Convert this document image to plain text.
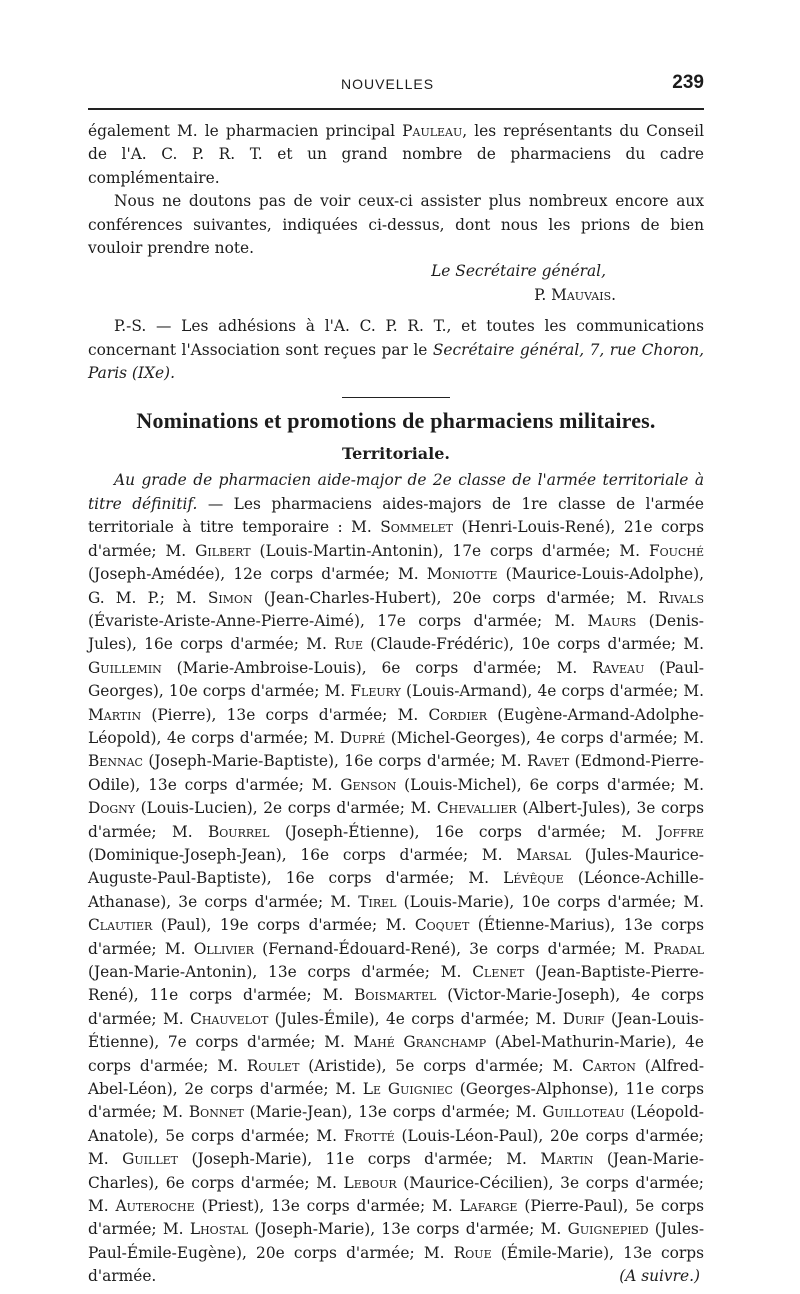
NOUVELLES	239

également M. le pharmacien principal Pauleau, les représentants du Conseil de l'A. C. P. R. T. et un grand nombre de pharmaciens du cadre complémentaire.

Nous ne doutons pas de voir ceux-ci assister plus nombreux encore aux conférences suivantes, indiquées ci-dessus, dont nous les prions de bien vouloir prendre note.

Le Secrétaire général,
P. Mauvais.

P.-S. — Les adhésions à l'A. C. P. R. T., et toutes les communications concernant l'Association sont reçues par le Secrétaire général, 7, rue Choron, Paris (IXe).

Nominations et promotions de pharmaciens militaires.
Territoriale.

Au grade de pharmacien aide-major de 2e classe de l'armée territoriale à titre définitif. — Les pharmaciens aides-majors de 1re classe de l'armée territoriale à titre temporaire : M. Sommelet (Henri-Louis-René), 21e corps d'armée; M. Gilbert (Louis-Martin-Antonin), 17e corps d'armée; M. Fouché (Joseph-Amédée), 12e corps d'armée; M. Moniotte (Maurice-Louis-Adolphe), G. M. P.; M. Simon (Jean-Charles-Hubert), 20e corps d'armée; M. Rivals (Évariste-Ariste-Anne-Pierre-Aimé), 17e corps d'armée; M. Maurs (Denis-Jules), 16e corps d'armée; M. Rue (Claude-Frédéric), 10e corps d'armée; M. Guillemin (Marie-Ambroise-Louis), 6e corps d'armée; M. Raveau (Paul-Georges), 10e corps d'armée; M. Fleury (Louis-Armand), 4e corps d'armée; M. Martin (Pierre), 13e corps d'armée; M. Cordier (Eugène-Armand-Adolphe-Léopold), 4e corps d'armée; M. Dupré (Michel-Georges), 4e corps d'armée; M. Bennac (Joseph-Marie-Baptiste), 16e corps d'armée; M. Ravet (Edmond-Pierre-Odile), 13e corps d'armée; M. Genson (Louis-Michel), 6e corps d'armée; M. Dogny (Louis-Lucien), 2e corps d'armée; M. Chevallier (Albert-Jules), 3e corps d'armée; M. Bourrel (Joseph-Étienne), 16e corps d'armée; M. Joffre (Dominique-Joseph-Jean), 16e corps d'armée; M. Marsal (Jules-Maurice-Auguste-Paul-Baptiste), 16e corps d'armée; M. Lévêque (Léonce-Achille-Athanase), 3e corps d'armée; M. Tirel (Louis-Marie), 10e corps d'armée; M. Clautier (Paul), 19e corps d'armée; M. Coquet (Étienne-Marius), 13e corps d'armée; M. Ollivier (Fernand-Édouard-René), 3e corps d'armée; M. Pradal (Jean-Marie-Antonin), 13e corps d'armée; M. Clenet (Jean-Baptiste-Pierre-René), 11e corps d'armée; M. Boismartel (Victor-Marie-Joseph), 4e corps d'armée; M. Chauvelot (Jules-Émile), 4e corps d'armée; M. Durif (Jean-Louis-Étienne), 7e corps d'armée; M. Mahé Granchamp (Abel-Mathurin-Marie), 4e corps d'armée; M. Roulet (Aristide), 5e corps d'armée; M. Carton (Alfred-Abel-Léon), 2e corps d'armée; M. Le Guigniec (Georges-Alphonse), 11e corps d'armée; M. Bonnet (Marie-Jean), 13e corps d'armée; M. Guilloteau (Léopold-Anatole), 5e corps d'armée; M. Frotté (Louis-Léon-Paul), 20e corps d'armée; M. Guillet (Joseph-Marie), 11e corps d'armée; M. Martin (Jean-Marie-Charles), 6e corps d'armée; M. Lebour (Maurice-Cécilien), 3e corps d'armée; M. Auteroche (Priest), 13e corps d'armée; M. Lafarge (Pierre-Paul), 5e corps d'armée; M. Lhostal (Joseph-Marie), 13e corps d'armée; M. Guignepied (Jules-Paul-Émile-Eugène), 20e corps d'armée; M. Roue (Émile-Marie), 13e corps d'armée.	(A suivre.)
